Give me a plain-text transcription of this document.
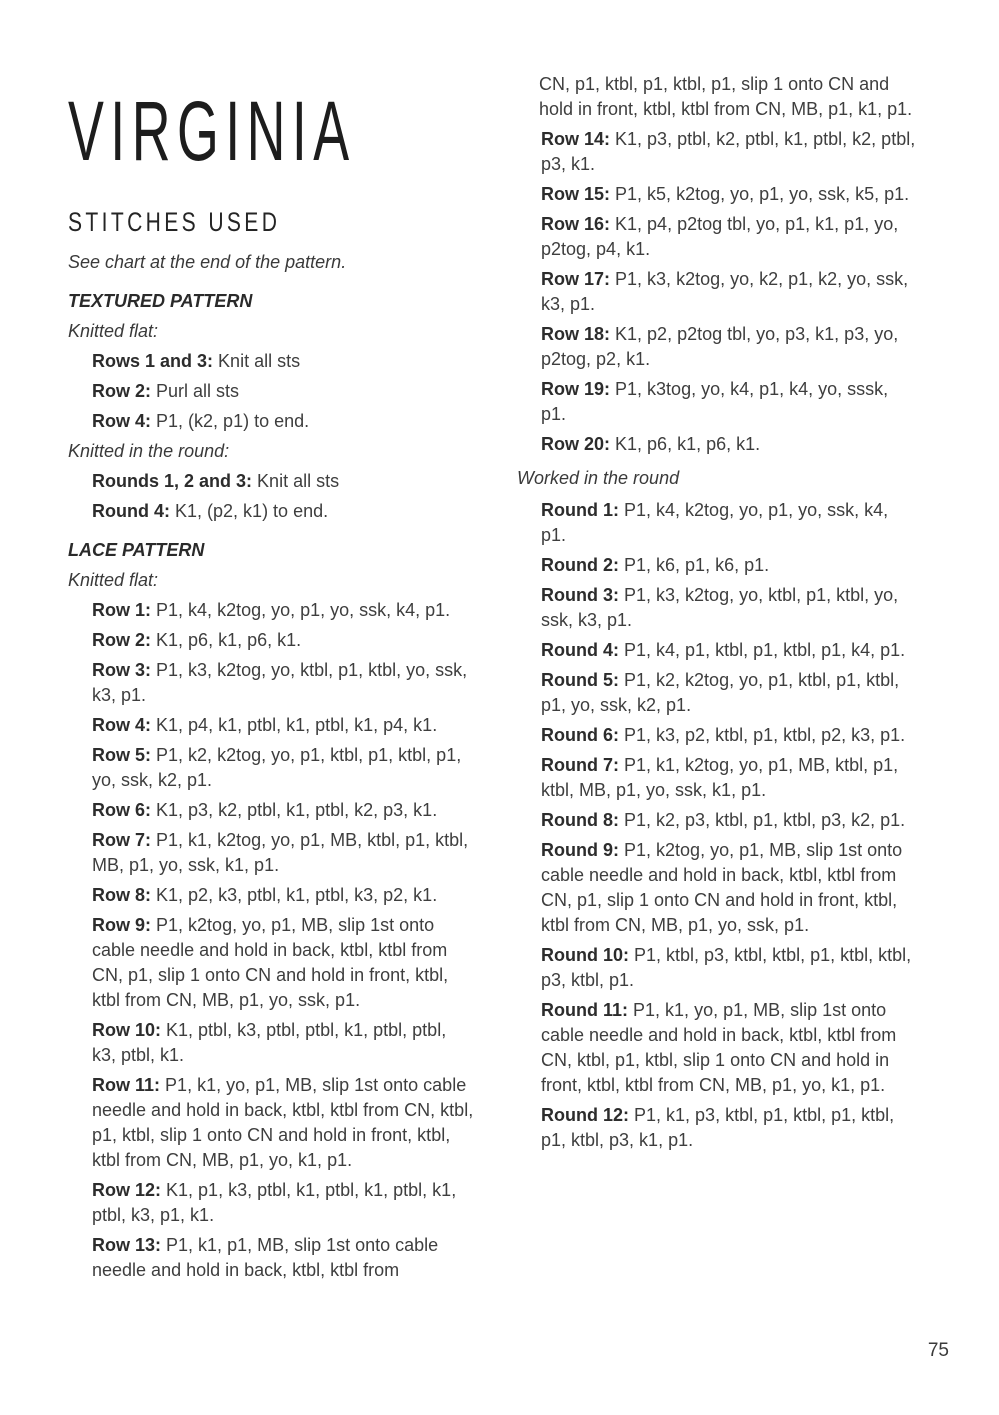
VIRGINIA
STITCHES USED

See chart at the end of the pattern.

TEXTURED PATTERN

Knitted flat:

Rows 1 and 3: Knit all sts

Row 2: Purl all sts

Row 4: P1, (k2, p1) to end.

Knitted in the round:

Rounds 1, 2 and 3: Knit all sts

Round 4: K1, (p2, k1) to end.

LACE PATTERN

Knitted flat:

Row 1: P1, k4, k2tog, yo, p1, yo, ssk, k4, p1.

Row 2: K1, p6, k1, p6, k1.

Row 3: P1, k3, k2tog, yo, ktbl, p1, ktbl, yo, ssk, k3, p1.

Row 4: K1, p4, k1, ptbl, k1, ptbl, k1, p4, k1.

Row 5: P1, k2, k2tog, yo, p1, ktbl, p1, ktbl, p1, yo, ssk, k2, p1.

Row 6: K1, p3, k2, ptbl, k1, ptbl, k2, p3, k1.

Row 7: P1, k1, k2tog, yo, p1, MB, ktbl, p1, ktbl, MB, p1, yo, ssk, k1, p1.

Row 8: K1, p2, k3, ptbl, k1, ptbl, k3, p2, k1.

Row 9: P1, k2tog, yo, p1, MB, slip 1st onto cable needle and hold in back, ktbl, ktbl from CN, p1, slip 1 onto CN and hold in front, ktbl, ktbl from CN, MB, p1, yo, ssk, p1.

Row 10: K1, ptbl, k3, ptbl, ptbl, k1, ptbl, ptbl, k3, ptbl, k1.

Row 11: P1, k1, yo, p1, MB, slip 1st onto cable needle and hold in back, ktbl, ktbl from CN, ktbl, p1, ktbl, slip 1 onto CN and hold in front, ktbl, ktbl from CN, MB, p1, yo, k1, p1.

Row 12: K1, p1, k3, ptbl, k1, ptbl, k1, ptbl, k1, ptbl, k3, p1, k1.

Row 13: P1, k1, p1, MB, slip 1st onto cable needle and hold in back, ktbl, ktbl from

CN, p1, ktbl, p1, ktbl, p1, slip 1 onto CN and hold in front, ktbl, ktbl from CN, MB, p1, k1, p1.

Row 14: K1, p3, ptbl, k2, ptbl, k1, ptbl, k2, ptbl, p3, k1.

Row 15: P1, k5, k2tog, yo, p1, yo, ssk, k5, p1.

Row 16: K1, p4, p2tog tbl, yo, p1, k1, p1, yo, p2tog, p4, k1.

Row 17: P1, k3, k2tog, yo, k2, p1, k2, yo, ssk, k3, p1.

Row 18: K1, p2, p2tog tbl, yo, p3, k1, p3, yo, p2tog, p2, k1.

Row 19: P1, k3tog, yo, k4, p1, k4, yo, sssk, p1.

Row 20: K1, p6, k1, p6, k1.

Worked in the round

Round 1: P1, k4, k2tog, yo, p1, yo, ssk, k4, p1.

Round 2: P1, k6, p1, k6, p1.

Round 3: P1, k3, k2tog, yo, ktbl, p1, ktbl, yo, ssk, k3, p1.

Round 4: P1, k4, p1, ktbl, p1, ktbl, p1, k4, p1.

Round 5: P1, k2, k2tog, yo, p1, ktbl, p1, ktbl, p1, yo, ssk, k2, p1.

Round 6: P1, k3, p2, ktbl, p1, ktbl, p2, k3, p1.

Round 7: P1, k1, k2tog, yo, p1, MB, ktbl, p1, ktbl, MB, p1, yo, ssk, k1, p1.

Round 8: P1, k2, p3, ktbl, p1, ktbl, p3, k2, p1.

Round 9: P1, k2tog, yo, p1, MB, slip 1st onto cable needle and hold in back, ktbl, ktbl from CN, p1, slip 1 onto CN and hold in front, ktbl, ktbl from CN, MB, p1, yo, ssk, p1.

Round 10: P1, ktbl, p3, ktbl, ktbl, p1, ktbl, ktbl, p3, ktbl, p1.

Round 11: P1, k1, yo, p1, MB, slip 1st onto cable needle and hold in back, ktbl, ktbl from CN, ktbl, p1, ktbl, slip 1 onto CN and hold in front, ktbl, ktbl from CN, MB, p1, yo, k1, p1.

Round 12: P1, k1, p3, ktbl, p1, ktbl, p1, ktbl, p1, ktbl, p3, k1, p1.

75
